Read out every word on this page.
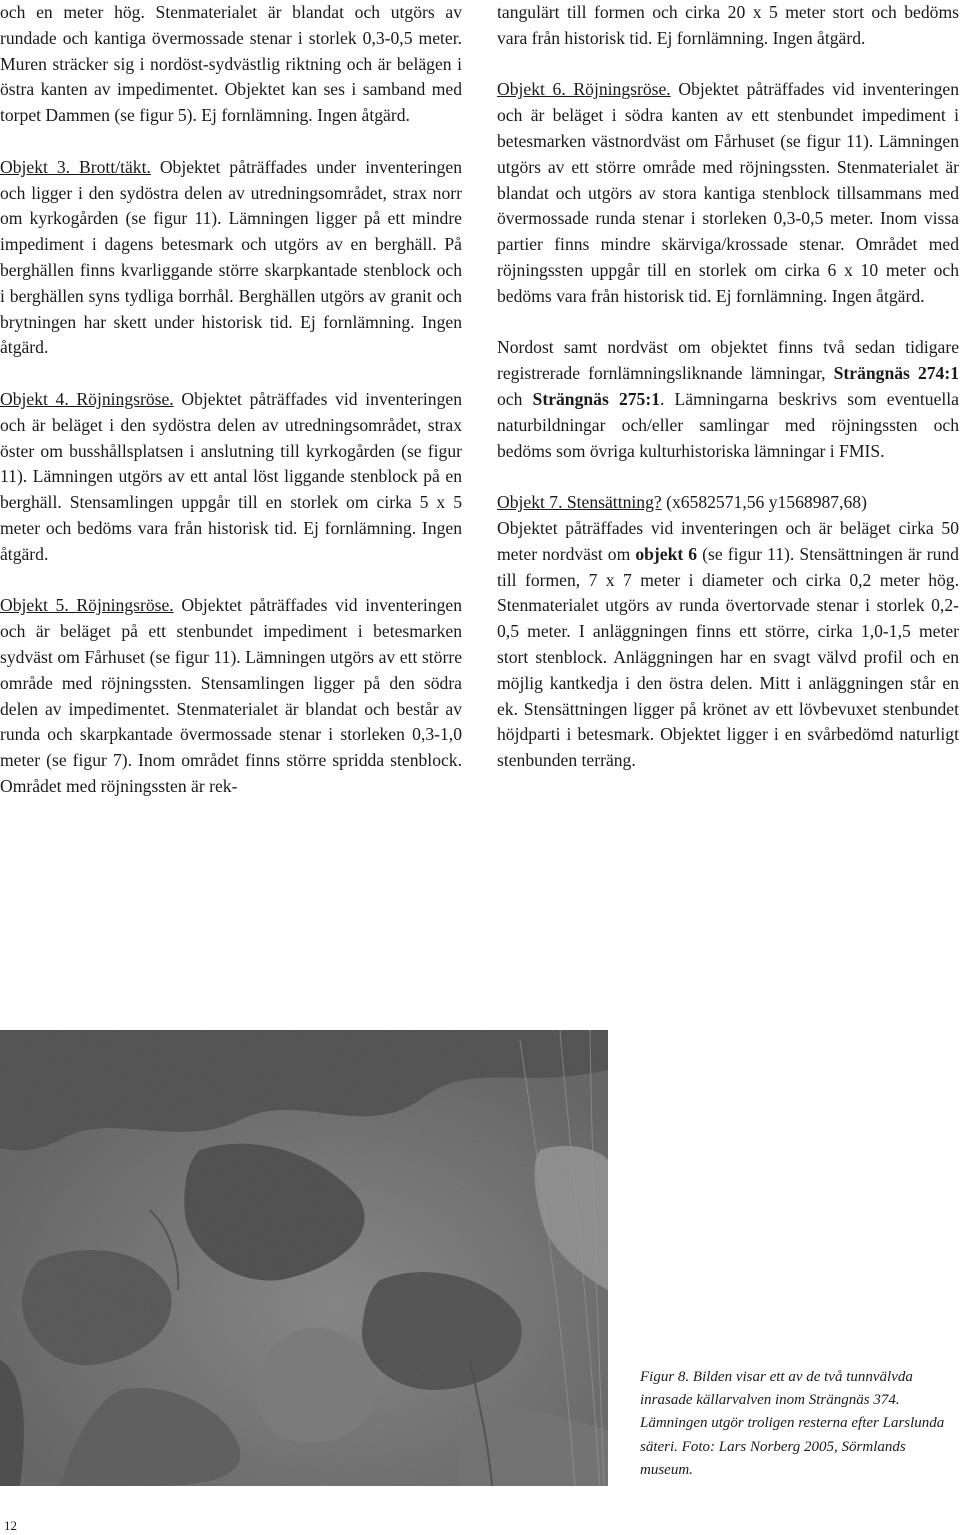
och en meter hög. Stenmaterialet är blandat och utgörs av rundade och kantiga övermossade stenar i storlek 0,3-0,5 meter. Muren sträcker sig i nordöst-sydvästlig riktning och är belägen i östra kanten av impedimentet. Objektet kan ses i samband med torpet Dammen (se figur 5). Ej fornlämning. Ingen åtgärd.

Objekt 3. Brott/täkt. Objektet påträffades under inventeringen och ligger i den sydöstra delen av utredningsområdet, strax norr om kyrkogården (se figur 11). Lämningen ligger på ett mindre impediment i dagens betesmark och utgörs av en berghäll. På berghällen finns kvarliggande större skarpkantade stenblock och i berghällen syns tydliga borrhål. Berghällen utgörs av granit och brytningen har skett under historisk tid. Ej fornlämning. Ingen åtgärd.

Objekt 4. Röjningsröse. Objektet påträffades vid inventeringen och är beläget i den sydöstra delen av utredningsområdet, strax öster om busshållsplatsen i anslutning till kyrkogården (se figur 11). Lämningen utgörs av ett antal löst liggande stenblock på en berghäll. Stensamlingen uppgår till en storlek om cirka 5 x 5 meter och bedöms vara från historisk tid. Ej fornlämning. Ingen åtgärd.

Objekt 5. Röjningsröse. Objektet påträffades vid inventeringen och är beläget på ett stenbundet impediment i betesmarken sydväst om Fårhuset (se figur 11). Lämningen utgörs av ett större område med röjningssten. Stensamlingen ligger på den södra delen av impedimentet. Stenmaterialet är blandat och består av runda och skarpkantade övermossade stenar i storleken 0,3-1,0 meter (se figur 7). Inom området finns större spridda stenblock. Området med röjningssten är rek-

tangulärt till formen och cirka 20 x 5 meter stort och bedöms vara från historisk tid. Ej fornlämning. Ingen åtgärd.

Objekt 6. Röjningsröse. Objektet påträffades vid inventeringen och är beläget i södra kanten av ett stenbundet impediment i betesmarken västnordväst om Fårhuset (se figur 11). Lämningen utgörs av ett större område med röjningssten. Stenmaterialet är blandat och utgörs av stora kantiga stenblock tillsammans med övermossade runda stenar i storleken 0,3-0,5 meter. Inom vissa partier finns mindre skärviga/krossade stenar. Området med röjningssten uppgår till en storlek om cirka 6 x 10 meter och bedöms vara från historisk tid. Ej fornlämning. Ingen åtgärd.

Nordost samt nordväst om objektet finns två sedan tidigare registrerade fornlämningsliknande lämningar, Strängnäs 274:1 och Strängnäs 275:1. Lämningarna beskrivs som eventuella naturbildningar och/eller samlingar med röjningssten och bedöms som övriga kulturhistoriska lämningar i FMIS.

Objekt 7. Stensättning? (x6582571,56 y1568987,68)
Objektet påträffades vid inventeringen och är beläget cirka 50 meter nordväst om objekt 6 (se figur 11). Stensättningen är rund till formen, 7 x 7 meter i diameter och cirka 0,2 meter hög. Stenmaterialet utgörs av runda övertorvade stenar i storlek 0,2-0,5 meter. I anläggningen finns ett större, cirka 1,0-1,5 meter stort stenblock. Anläggningen har en svagt välvd profil och en möjlig kantkedja i den östra delen. Mitt i anläggningen står en ek. Stensättningen ligger på krönet av ett lövbevuxet stenbundet höjdparti i betesmark. Objektet ligger i en svårbedömd naturligt stenbunden terräng.

Figur 8. Bilden visar ett av de två tunnvälvda inrasade källarvalven inom Strängnäs 374. Lämningen utgör troligen resterna efter Larslunda säteri. Foto: Lars Norberg 2005, Sörmlands museum.
12
